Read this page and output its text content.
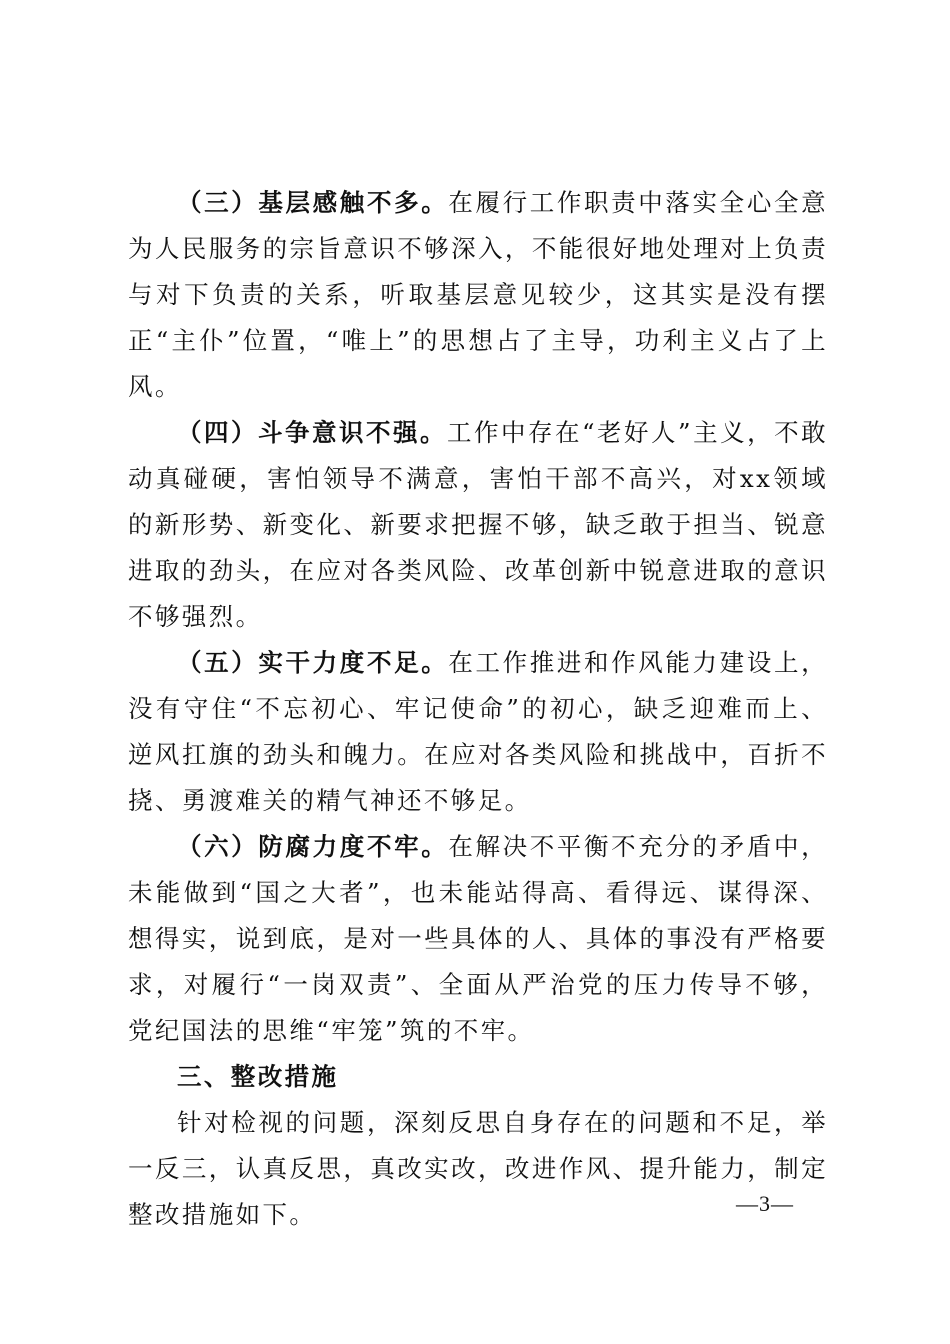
（三）基层感触不多。在履行工作职责中落实全心全意为人民服务的宗旨意识不够深入，不能很好地处理对上负责与对下负责的关系，听取基层意见较少，这其实是没有摆正“主仆”位置，“唯上”的思想占了主导，功利主义占了上风。

（四）斗争意识不强。工作中存在“老好人”主义，不敢动真碰硬，害怕领导不满意，害怕干部不高兴，对xx领域的新形势、新变化、新要求把握不够，缺乏敢于担当、锐意进取的劲头，在应对各类风险、改革创新中锐意进取的意识不够强烈。

（五）实干力度不足。在工作推进和作风能力建设上，没有守住“不忘初心、牢记使命”的初心，缺乏迎难而上、逆风扛旗的劲头和魄力。在应对各类风险和挑战中，百折不挠、勇渡难关的精气神还不够足。

（六）防腐力度不牢。在解决不平衡不充分的矛盾中，未能做到“国之大者”，也未能站得高、看得远、谋得深、想得实，说到底，是对一些具体的人、具体的事没有严格要求，对履行“一岗双责”、全面从严治党的压力传导不够，党纪国法的思维“牢笼”筑的不牢。

三、整改措施

针对检视的问题，深刻反思自身存在的问题和不足，举一反三，认真反思，真改实改，改进作风、提升能力，制定整改措施如下。	—3—
